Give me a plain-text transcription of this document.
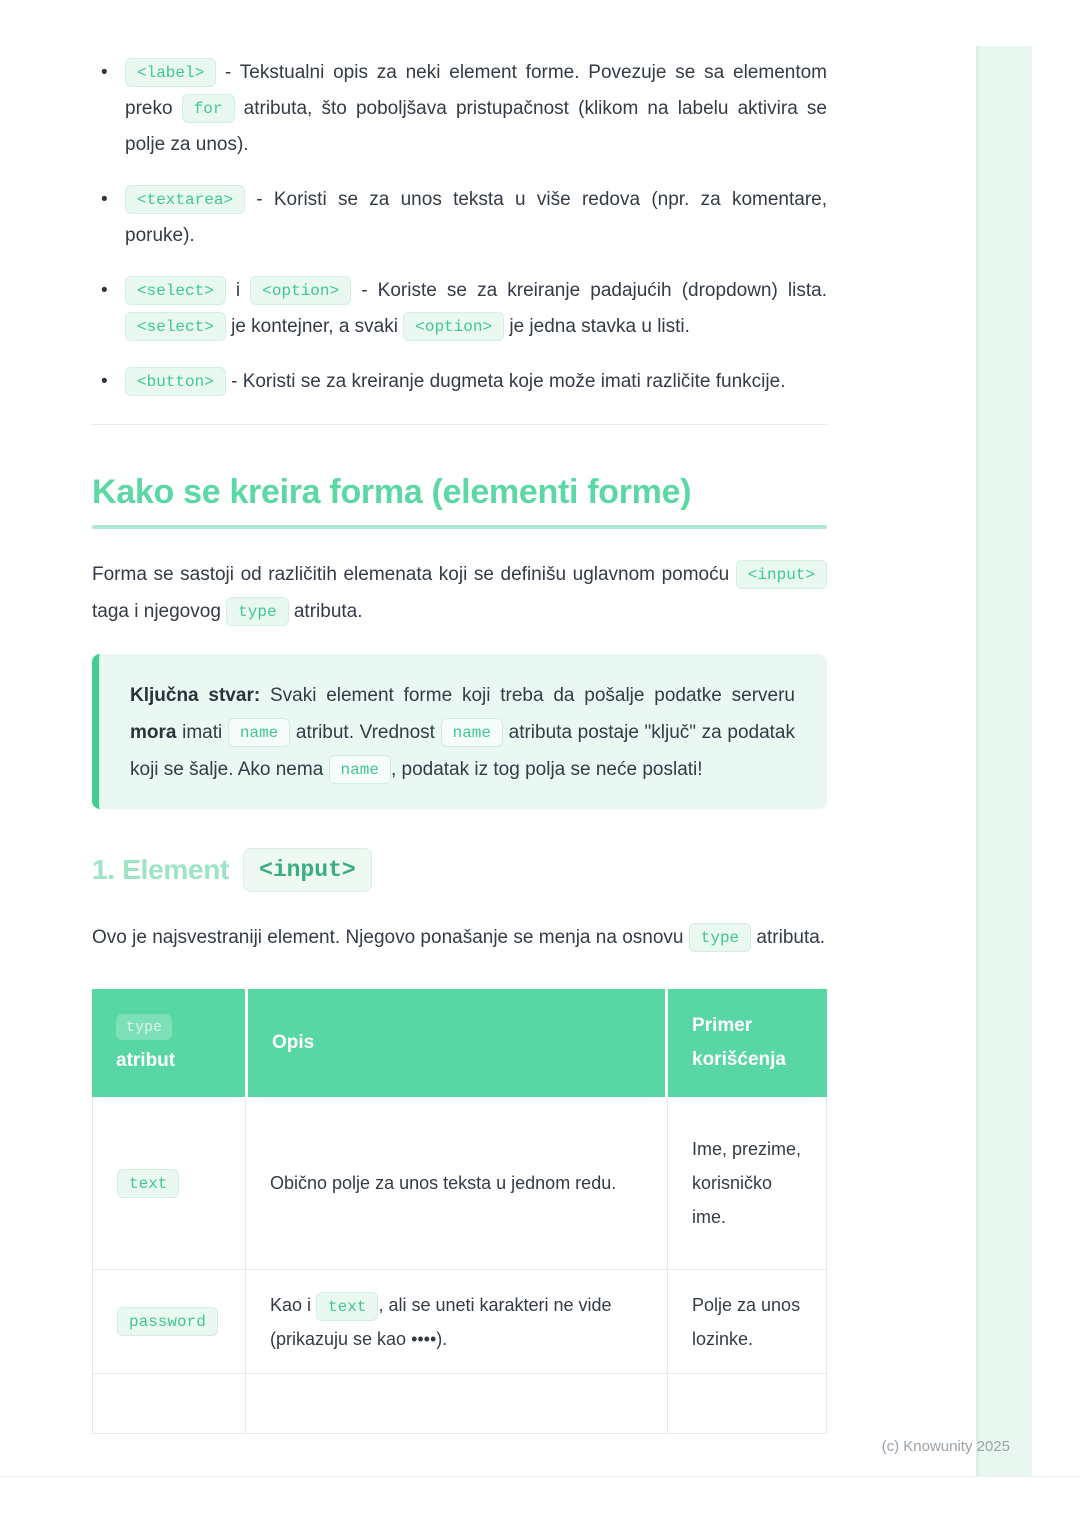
(c) Knowunity 2025
• <label> - Tekstualni opis za neki element forme. Povezuje se sa elementom preko for atributa, što poboljšava pristupačnost (klikom na labelu aktivira se polje za unos).
• <textarea> - Koristi se za unos teksta u više redova (npr. za komentare, poruke).
• <select> i <option> - Koriste se za kreiranje padajućih (dropdown) lista. <select> je kontejner, a svaki <option> je jedna stavka u listi.
• <button> - Koristi se za kreiranje dugmeta koje može imati različite funkcije.
Kako se kreira forma (elementi forme)

Forma se sastoji od različitih elemenata koji se definišu uglavnom pomoću <input> taga i njegovog type atributa.

Ključna stvar: Svaki element forme koji treba da pošalje podatke serveru mora imati name atribut. Vrednost name atributa postaje "ključ" za podatak koji se šalje. Ako nema name , podatak iz tog polja se neće poslati!
1. Element	<input>

Ovo je najsvestraniji element. Njegovo ponašanje se menja na osnovu type atributa.

type
atribut
Opis
Primer korišćenja
text	Obično polje za unos teksta u jednom redu.
Ime, prezime, korisničko ime.
password
Kao i text , ali se uneti karakteri ne vide (prikazuju se kao ••••).
Polje za unos lozinke.
